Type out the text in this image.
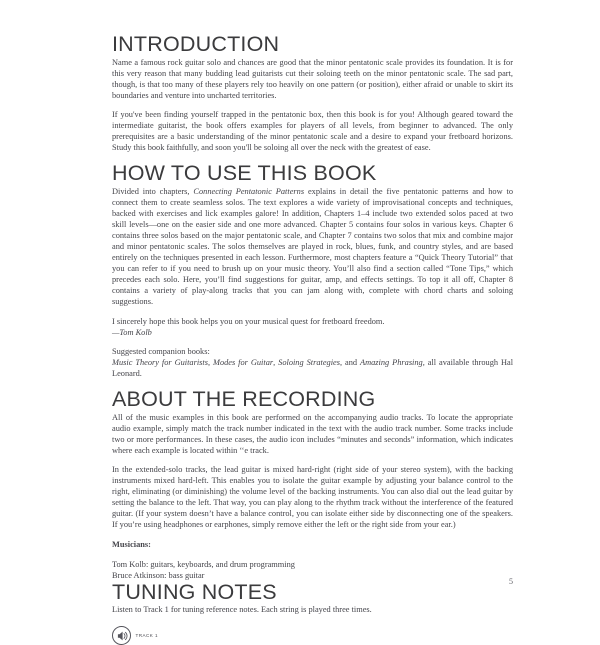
INTRODUCTION

Name a famous rock guitar solo and chances are good that the minor pentatonic scale provides its foundation. It is for this very reason that many budding lead guitarists cut their soloing teeth on the minor pentatonic scale. The sad part, though, is that too many of these players rely too heavily on one pattern (or position), either afraid or unable to skirt its boundaries and venture into uncharted territories.

If you've been finding yourself trapped in the pentatonic box, then this book is for you! Although geared toward the intermediate guitarist, the book offers examples for players of all levels, from beginner to advanced. The only prerequisites are a basic understanding of the minor pentatonic scale and a desire to expand your fretboard horizons. Study this book faithfully, and soon you'll be soloing all over the neck with the greatest of ease.

HOW TO USE THIS BOOK

Divided into chapters, Connecting Pentatonic Patterns explains in detail the five pentatonic patterns and how to connect them to create seamless solos. The text explores a wide variety of improvisational concepts and techniques, backed with exercises and lick examples galore! In addition, Chapters 1–4 include two extended solos paced at two skill levels—one on the easier side and one more advanced. Chapter 5 contains four solos in various keys. Chapter 6 contains three solos based on the major pentatonic scale, and Chapter 7 contains two solos that mix and combine major and minor pentatonic scales. The solos themselves are played in rock, blues, funk, and country styles, and are based entirely on the techniques presented in each lesson. Furthermore, most chapters feature a “Quick Theory Tutorial” that you can refer to if you need to brush up on your music theory. You’ll also find a section called “Tone Tips,” which precedes each solo. Here, you’ll find suggestions for guitar, amp, and effects settings. To top it all off, Chapter 8 contains a variety of play-along tracks that you can jam along with, complete with chord charts and soloing suggestions.

I sincerely hope this book helps you on your musical quest for fretboard freedom.

—Tom Kolb

Suggested companion books:

Music Theory for Guitarists, Modes for Guitar, Soloing Strategies, and Amazing Phrasing, all available through Hal Leonard.

ABOUT THE RECORDING

All of the music examples in this book are performed on the accompanying audio tracks. To locate the appropriate audio example, simply match the track number indicated in the text with the audio track number. Some tracks include two or more performances. In these cases, the audio icon includes “minutes and seconds” information, which indicates where each example is located within ‘‘e track.

In the extended-solo tracks, the lead guitar is mixed hard-right (right side of your stereo system), with the backing instruments mixed hard-left. This enables you to isolate the guitar example by adjusting your balance control to the right, eliminating (or diminishing) the volume level of the backing instruments. You can also dial out the lead guitar by setting the balance to the left. That way, you can play along to the rhythm track without the interference of the featured guitar. (If your system doesn’t have a balance control, you can isolate either side by disconnecting one of the speakers. If you’re using headphones or earphones, simply remove either the left or the right side from your ear.)

Musicians:

Tom Kolb: guitars, keyboards, and drum programming

Bruce Atkinson: bass guitar

TUNING NOTES

Listen to Track 1 for tuning reference notes. Each string is played three times.

TRACK 1
5
